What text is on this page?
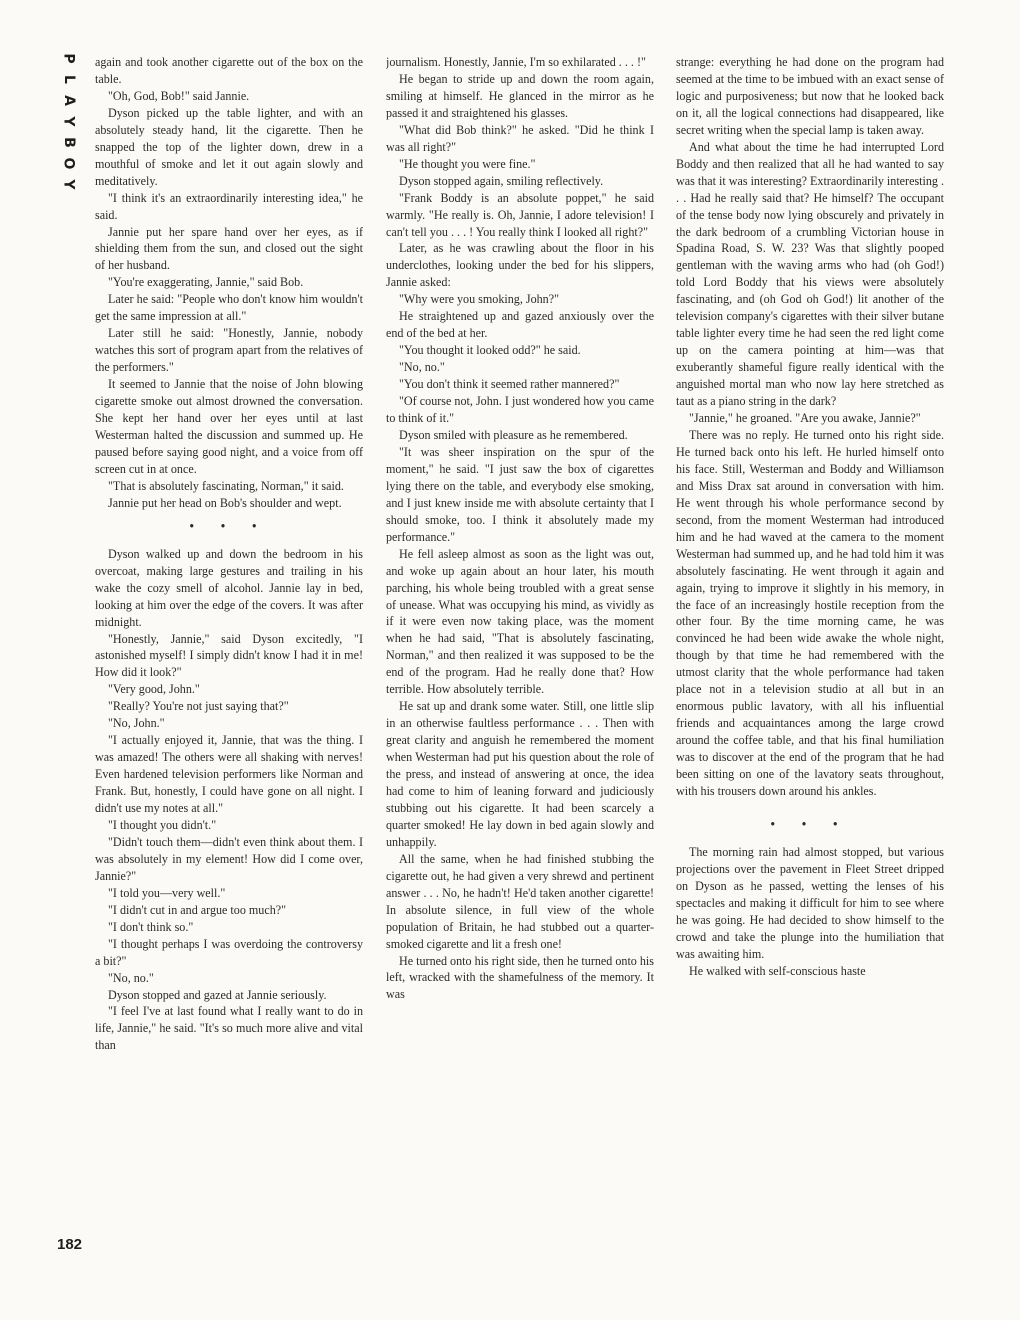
P
L
A
Y
B
O
Y
182

again and took another cigarette out of the box on the table.

"Oh, God, Bob!" said Jannie.

Dyson picked up the table lighter, and with an absolutely steady hand, lit the cigarette. Then he snapped the top of the lighter down, drew in a mouthful of smoke and let it out again slowly and meditatively.

"I think it's an extraordinarily interesting idea," he said.

Jannie put her spare hand over her eyes, as if shielding them from the sun, and closed out the sight of her husband.

"You're exaggerating, Jannie," said Bob.

Later he said: "People who don't know him wouldn't get the same impression at all."

Later still he said: "Honestly, Jannie, nobody watches this sort of program apart from the relatives of the performers."

It seemed to Jannie that the noise of John blowing cigarette smoke out almost drowned the conversation. She kept her hand over her eyes until at last Westerman halted the discussion and summed up. He paused before saying good night, and a voice from off screen cut in at once.

"That is absolutely fascinating, Norman," it said.

Jannie put her head on Bob's shoulder and wept.

• • •

Dyson walked up and down the bedroom in his overcoat, making large gestures and trailing in his wake the cozy smell of alcohol. Jannie lay in bed, looking at him over the edge of the covers. It was after midnight.

"Honestly, Jannie," said Dyson excitedly, "I astonished myself! I simply didn't know I had it in me! How did it look?"

"Very good, John."

"Really? You're not just saying that?"

"No, John."

"I actually enjoyed it, Jannie, that was the thing. I was amazed! The others were all shaking with nerves! Even hardened television performers like Norman and Frank. But, honestly, I could have gone on all night. I didn't use my notes at all."

"I thought you didn't."

"Didn't touch them—didn't even think about them. I was absolutely in my element! How did I come over, Jannie?"

"I told you—very well."

"I didn't cut in and argue too much?"

"I don't think so."

"I thought perhaps I was overdoing the controversy a bit?"

"No, no."

Dyson stopped and gazed at Jannie seriously.

"I feel I've at last found what I really want to do in life, Jannie," he said. "It's so much more alive and vital than

journalism. Honestly, Jannie, I'm so exhilarated . . . !"

He began to stride up and down the room again, smiling at himself. He glanced in the mirror as he passed it and straightened his glasses.

"What did Bob think?" he asked. "Did he think I was all right?"

"He thought you were fine."

Dyson stopped again, smiling reflectively.

"Frank Boddy is an absolute poppet," he said warmly. "He really is. Oh, Jannie, I adore television! I can't tell you . . . ! You really think I looked all right?"

Later, as he was crawling about the floor in his underclothes, looking under the bed for his slippers, Jannie asked:

"Why were you smoking, John?"

He straightened up and gazed anxiously over the end of the bed at her.

"You thought it looked odd?" he said.

"No, no."

"You don't think it seemed rather mannered?"

"Of course not, John. I just wondered how you came to think of it."

Dyson smiled with pleasure as he remembered.

"It was sheer inspiration on the spur of the moment," he said. "I just saw the box of cigarettes lying there on the table, and everybody else smoking, and I just knew inside me with absolute certainty that I should smoke, too. I think it absolutely made my performance."

He fell asleep almost as soon as the light was out, and woke up again about an hour later, his mouth parching, his whole being troubled with a great sense of unease. What was occupying his mind, as vividly as if it were even now taking place, was the moment when he had said, "That is absolutely fascinating, Norman," and then realized it was supposed to be the end of the program. Had he really done that? How terrible. How absolutely terrible.

He sat up and drank some water. Still, one little slip in an otherwise faultless performance . . . Then with great clarity and anguish he remembered the moment when Westerman had put his question about the role of the press, and instead of answering at once, the idea had come to him of leaning forward and judiciously stubbing out his cigarette. It had been scarcely a quarter smoked! He lay down in bed again slowly and unhappily.

All the same, when he had finished stubbing the cigarette out, he had given a very shrewd and pertinent answer . . . No, he hadn't! He'd taken another cigarette! In absolute silence, in full view of the whole population of Britain, he had stubbed out a quarter-smoked cigarette and lit a fresh one!

He turned onto his right side, then he turned onto his left, wracked with the shamefulness of the memory. It was

strange: everything he had done on the program had seemed at the time to be imbued with an exact sense of logic and purposiveness; but now that he looked back on it, all the logical connections had disappeared, like secret writing when the special lamp is taken away.

And what about the time he had interrupted Lord Boddy and then realized that all he had wanted to say was that it was interesting? Extraordinarily interesting . . . Had he really said that? He himself? The occupant of the tense body now lying obscurely and privately in the dark bedroom of a crumbling Victorian house in Spadina Road, S. W. 23? Was that slightly pooped gentleman with the waving arms who had (oh God!) told Lord Boddy that his views were absolutely fascinating, and (oh God oh God!) lit another of the television company's cigarettes with their silver butane table lighter every time he had seen the red light come up on the camera pointing at him—was that exuberantly shameful figure really identical with the anguished mortal man who now lay here stretched as taut as a piano string in the dark?

"Jannie," he groaned. "Are you awake, Jannie?"

There was no reply. He turned onto his right side. He turned back onto his left. He hurled himself onto his face. Still, Westerman and Boddy and Williamson and Miss Drax sat around in conversation with him. He went through his whole performance second by second, from the moment Westerman had introduced him and he had waved at the camera to the moment Westerman had summed up, and he had told him it was absolutely fascinating. He went through it again and again, trying to improve it slightly in his memory, in the face of an increasingly hostile reception from the other four. By the time morning came, he was convinced he had been wide awake the whole night, though by that time he had remembered with the utmost clarity that the whole performance had taken place not in a television studio at all but in an enormous public lavatory, with all his influential friends and acquaintances among the large crowd around the coffee table, and that his final humiliation was to discover at the end of the program that he had been sitting on one of the lavatory seats throughout, with his trousers down around his ankles.

• • •

The morning rain had almost stopped, but various projections over the pavement in Fleet Street dripped on Dyson as he passed, wetting the lenses of his spectacles and making it difficult for him to see where he was going. He had decided to show himself to the crowd and take the plunge into the humiliation that was awaiting him.

He walked with self-conscious haste
